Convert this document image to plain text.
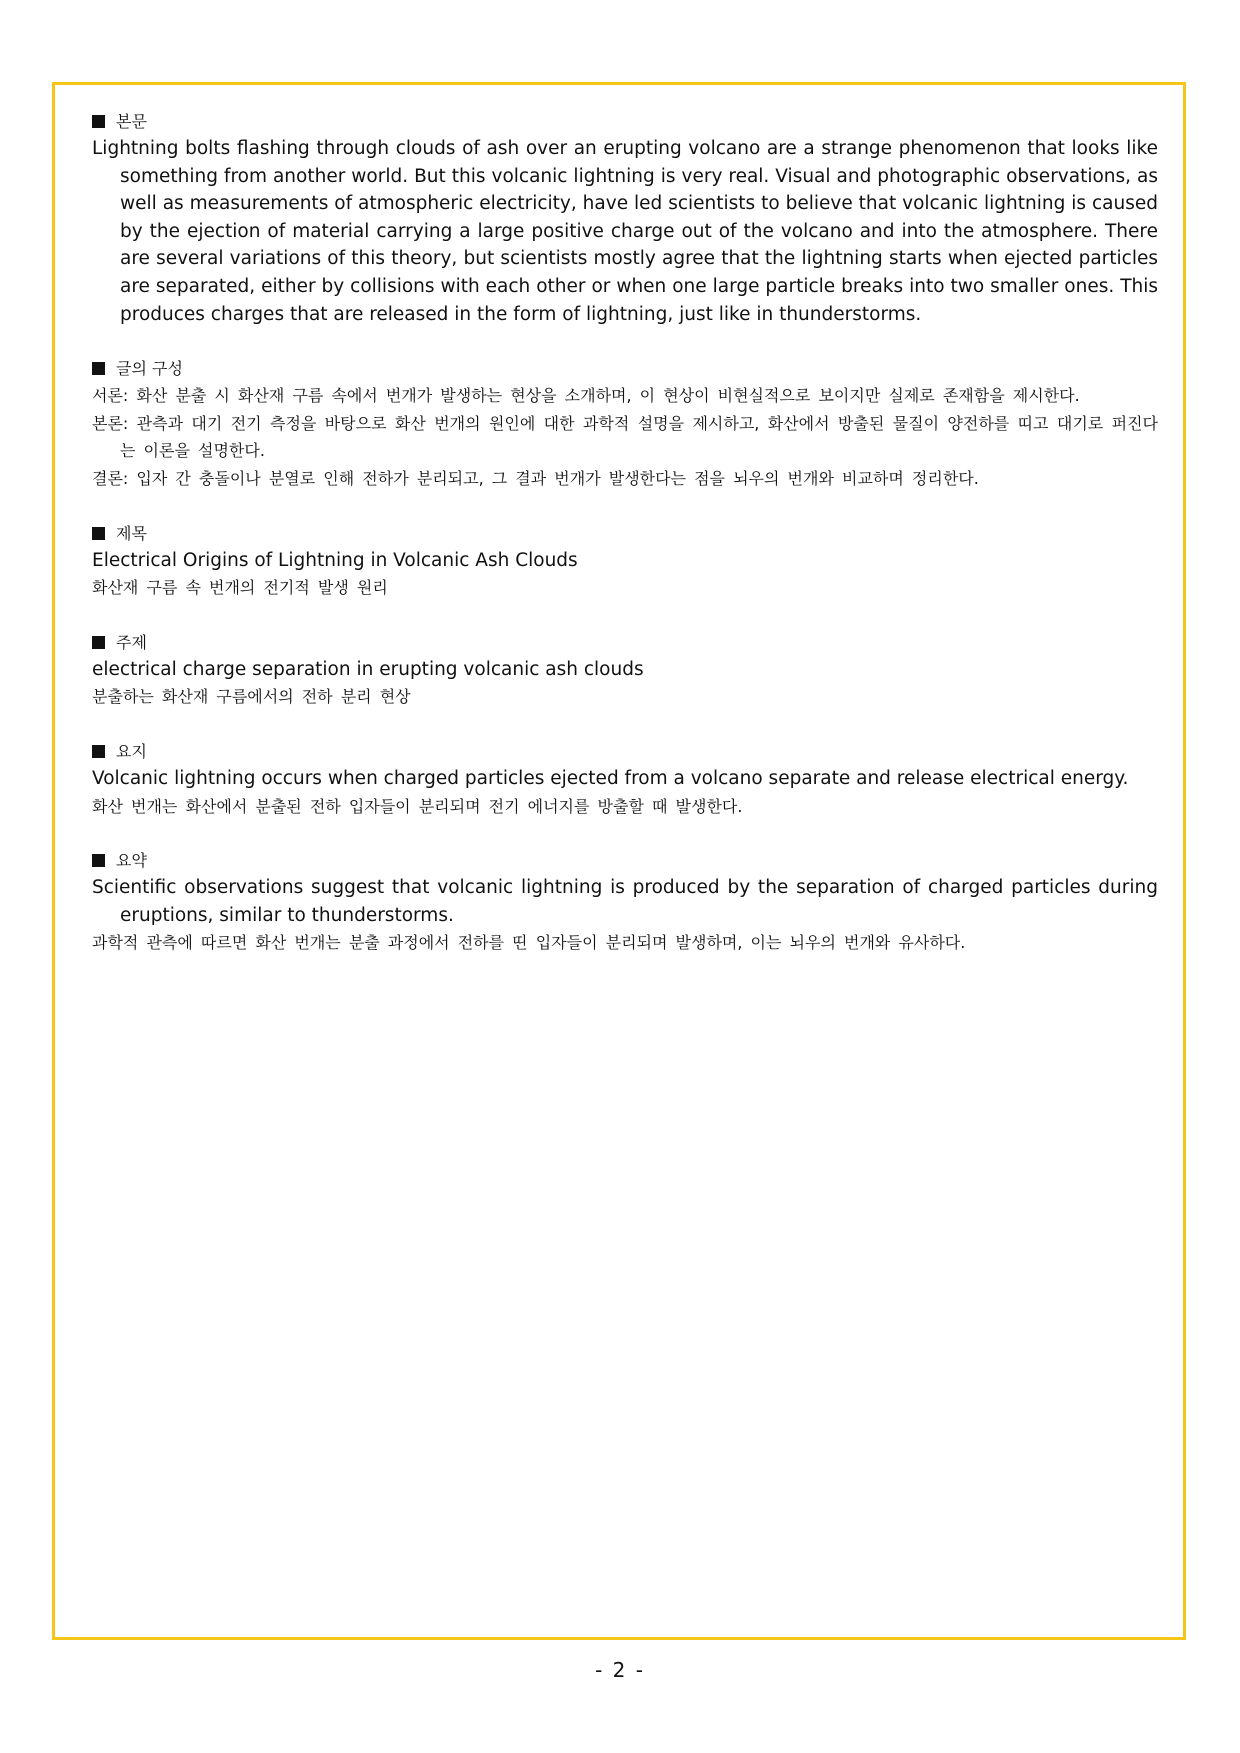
본문
Lightning bolts flashing through clouds of ash over an erupting volcano are a strange phenomenon that looks like something from another world. But this volcanic lightning is very real. Visual and photographic observations, as well as measurements of atmospheric electricity, have led scientists to believe that volcanic lightning is caused by the ejection of material carrying a large positive charge out of the volcano and into the atmosphere. There are several variations of this theory, but scientists mostly agree that the lightning starts when ejected particles are separated, either by collisions with each other or when one large particle breaks into two smaller ones. This produces charges that are released in the form of lightning, just like in thunderstorms.
글의 구성
서론: 화산 분출 시 화산재 구름 속에서 번개가 발생하는 현상을 소개하며, 이 현상이 비현실적으로 보이지만 실제로 존재함을 제시한다.
본론: 관측과 대기 전기 측정을 바탕으로 화산 번개의 원인에 대한 과학적 설명을 제시하고, 화산에서 방출된 물질이 양전하를 띠고 대기로 퍼진다는 이론을 설명한다.
결론: 입자 간 충돌이나 분열로 인해 전하가 분리되고, 그 결과 번개가 발생한다는 점을 뇌우의 번개와 비교하며 정리한다.
제목
Electrical Origins of Lightning in Volcanic Ash Clouds
화산재 구름 속 번개의 전기적 발생 원리
주제
electrical charge separation in erupting volcanic ash clouds
분출하는 화산재 구름에서의 전하 분리 현상
요지
Volcanic lightning occurs when charged particles ejected from a volcano separate and release electrical energy.
화산 번개는 화산에서 분출된 전하 입자들이 분리되며 전기 에너지를 방출할 때 발생한다.
요약
Scientific observations suggest that volcanic lightning is produced by the separation of charged particles during eruptions, similar to thunderstorms.
과학적 관측에 따르면 화산 번개는 분출 과정에서 전하를 띤 입자들이 분리되며 발생하며, 이는 뇌우의 번개와 유사하다.
- 2 -
